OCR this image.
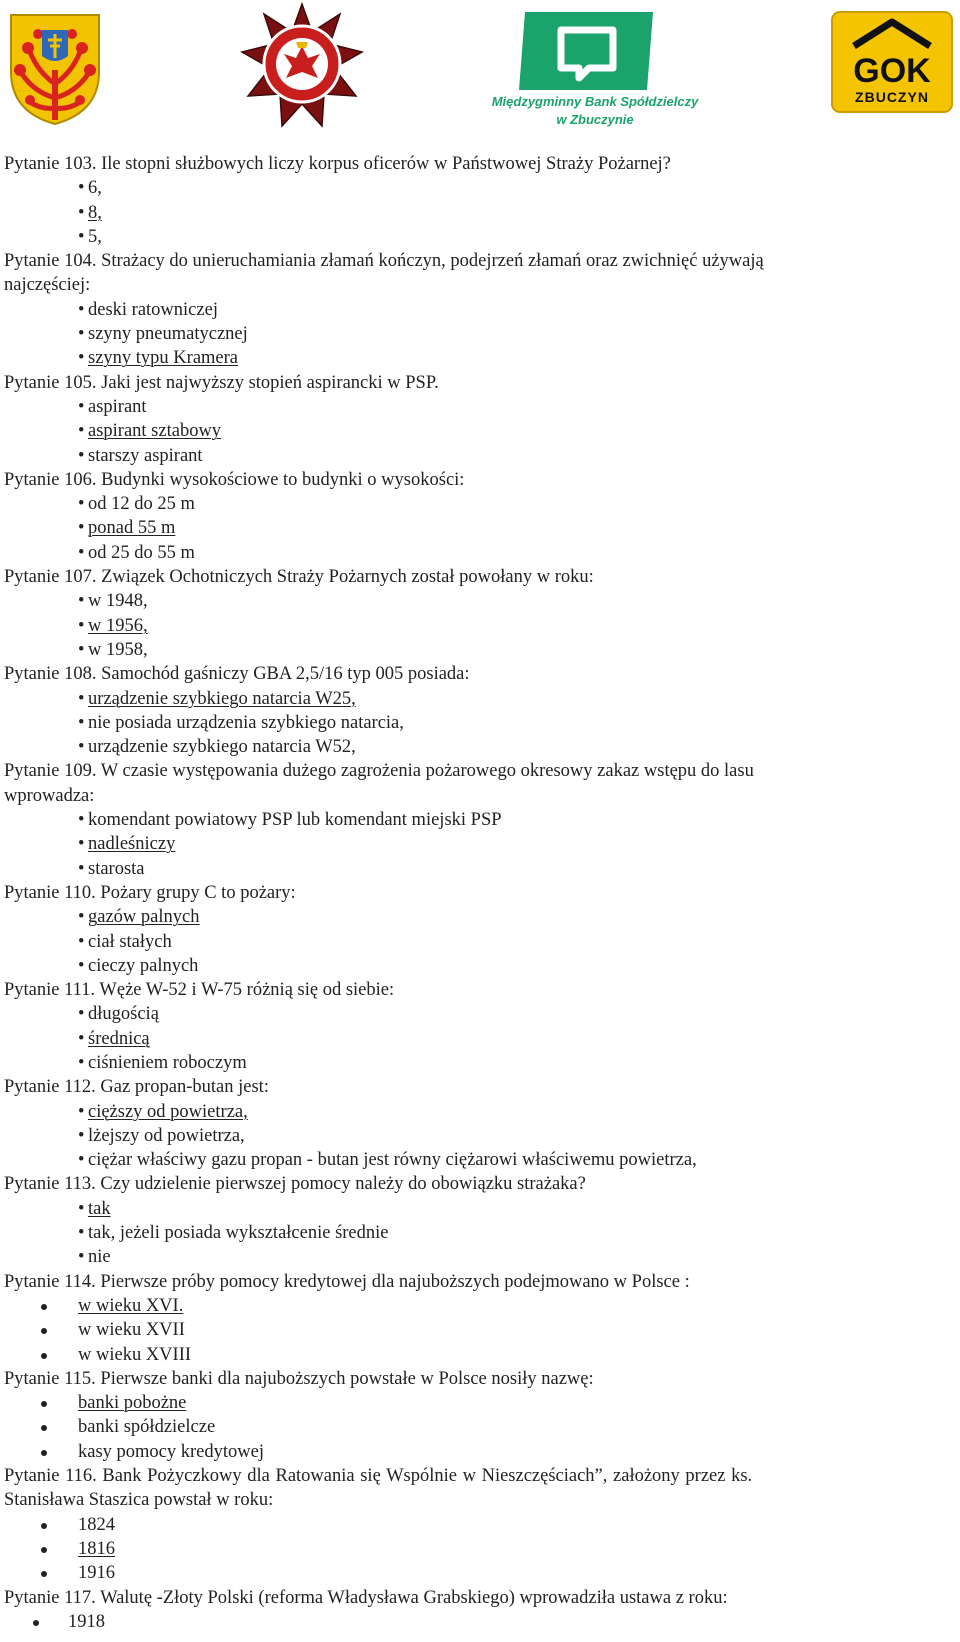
Międzygminny Bank Spółdzielczy
w Zbuczynie
GOK
ZBUCZYN
Pytanie 103. Ile stopni służbowych liczy korpus oficerów w Państwowej Straży Pożarnej?
• 6,
• 8,
• 5,
Pytanie 104. Strażacy do unieruchamiania złamań kończyn, podejrzeń złamań oraz zwichnięć używają
najczęściej:
• deski ratowniczej
• szyny pneumatycznej
• szyny typu Kramera
Pytanie 105. Jaki jest najwyższy stopień aspirancki w PSP.
• aspirant
• aspirant sztabowy
• starszy aspirant
Pytanie 106. Budynki wysokościowe to budynki o wysokości:
• od 12 do 25 m
• ponad 55 m
• od 25 do 55 m
Pytanie 107. Związek Ochotniczych Straży Pożarnych został powołany w roku:
• w 1948,
• w 1956,
• w 1958,
Pytanie 108. Samochód gaśniczy GBA 2,5/16 typ 005 posiada:
• urządzenie szybkiego natarcia W25,
• nie posiada urządzenia szybkiego natarcia,
• urządzenie szybkiego natarcia W52,
Pytanie 109. W czasie występowania dużego zagrożenia pożarowego okresowy zakaz wstępu do lasu
wprowadza:
• komendant powiatowy PSP lub komendant miejski PSP
• nadleśniczy
• starosta
Pytanie 110. Pożary grupy C to pożary:
• gazów palnych
• ciał stałych
• cieczy palnych
Pytanie 111. Węże W-52 i W-75 różnią się od siebie:
• długością
• średnicą
• ciśnieniem roboczym
Pytanie 112. Gaz propan-butan jest:
• cięższy od powietrza,
• lżejszy od powietrza,
• ciężar właściwy gazu propan - butan jest równy ciężarowi właściwemu powietrza,
Pytanie 113. Czy udzielenie pierwszej pomocy należy do obowiązku strażaka?
• tak
• tak, jeżeli posiada wykształcenie średnie
• nie
Pytanie 114. Pierwsze próby pomocy kredytowej dla najuboższych podejmowano w Polsce :
w wieku XVI.
w wieku XVII
w wieku XVIII
Pytanie 115. Pierwsze banki dla najuboższych powstałe w Polsce nosiły nazwę:
banki pobożne
banki spółdzielcze
kasy pomocy kredytowej
Pytanie 116. Bank Pożyczkowy dla Ratowania się Wspólnie w Nieszczęściach”, założony przez ks.
Stanisława Staszica powstał w roku:
1824
1816
1916
Pytanie 117. Walutę -Złoty Polski (reforma Władysława Grabskiego) wprowadziła ustawa z roku:
1918
